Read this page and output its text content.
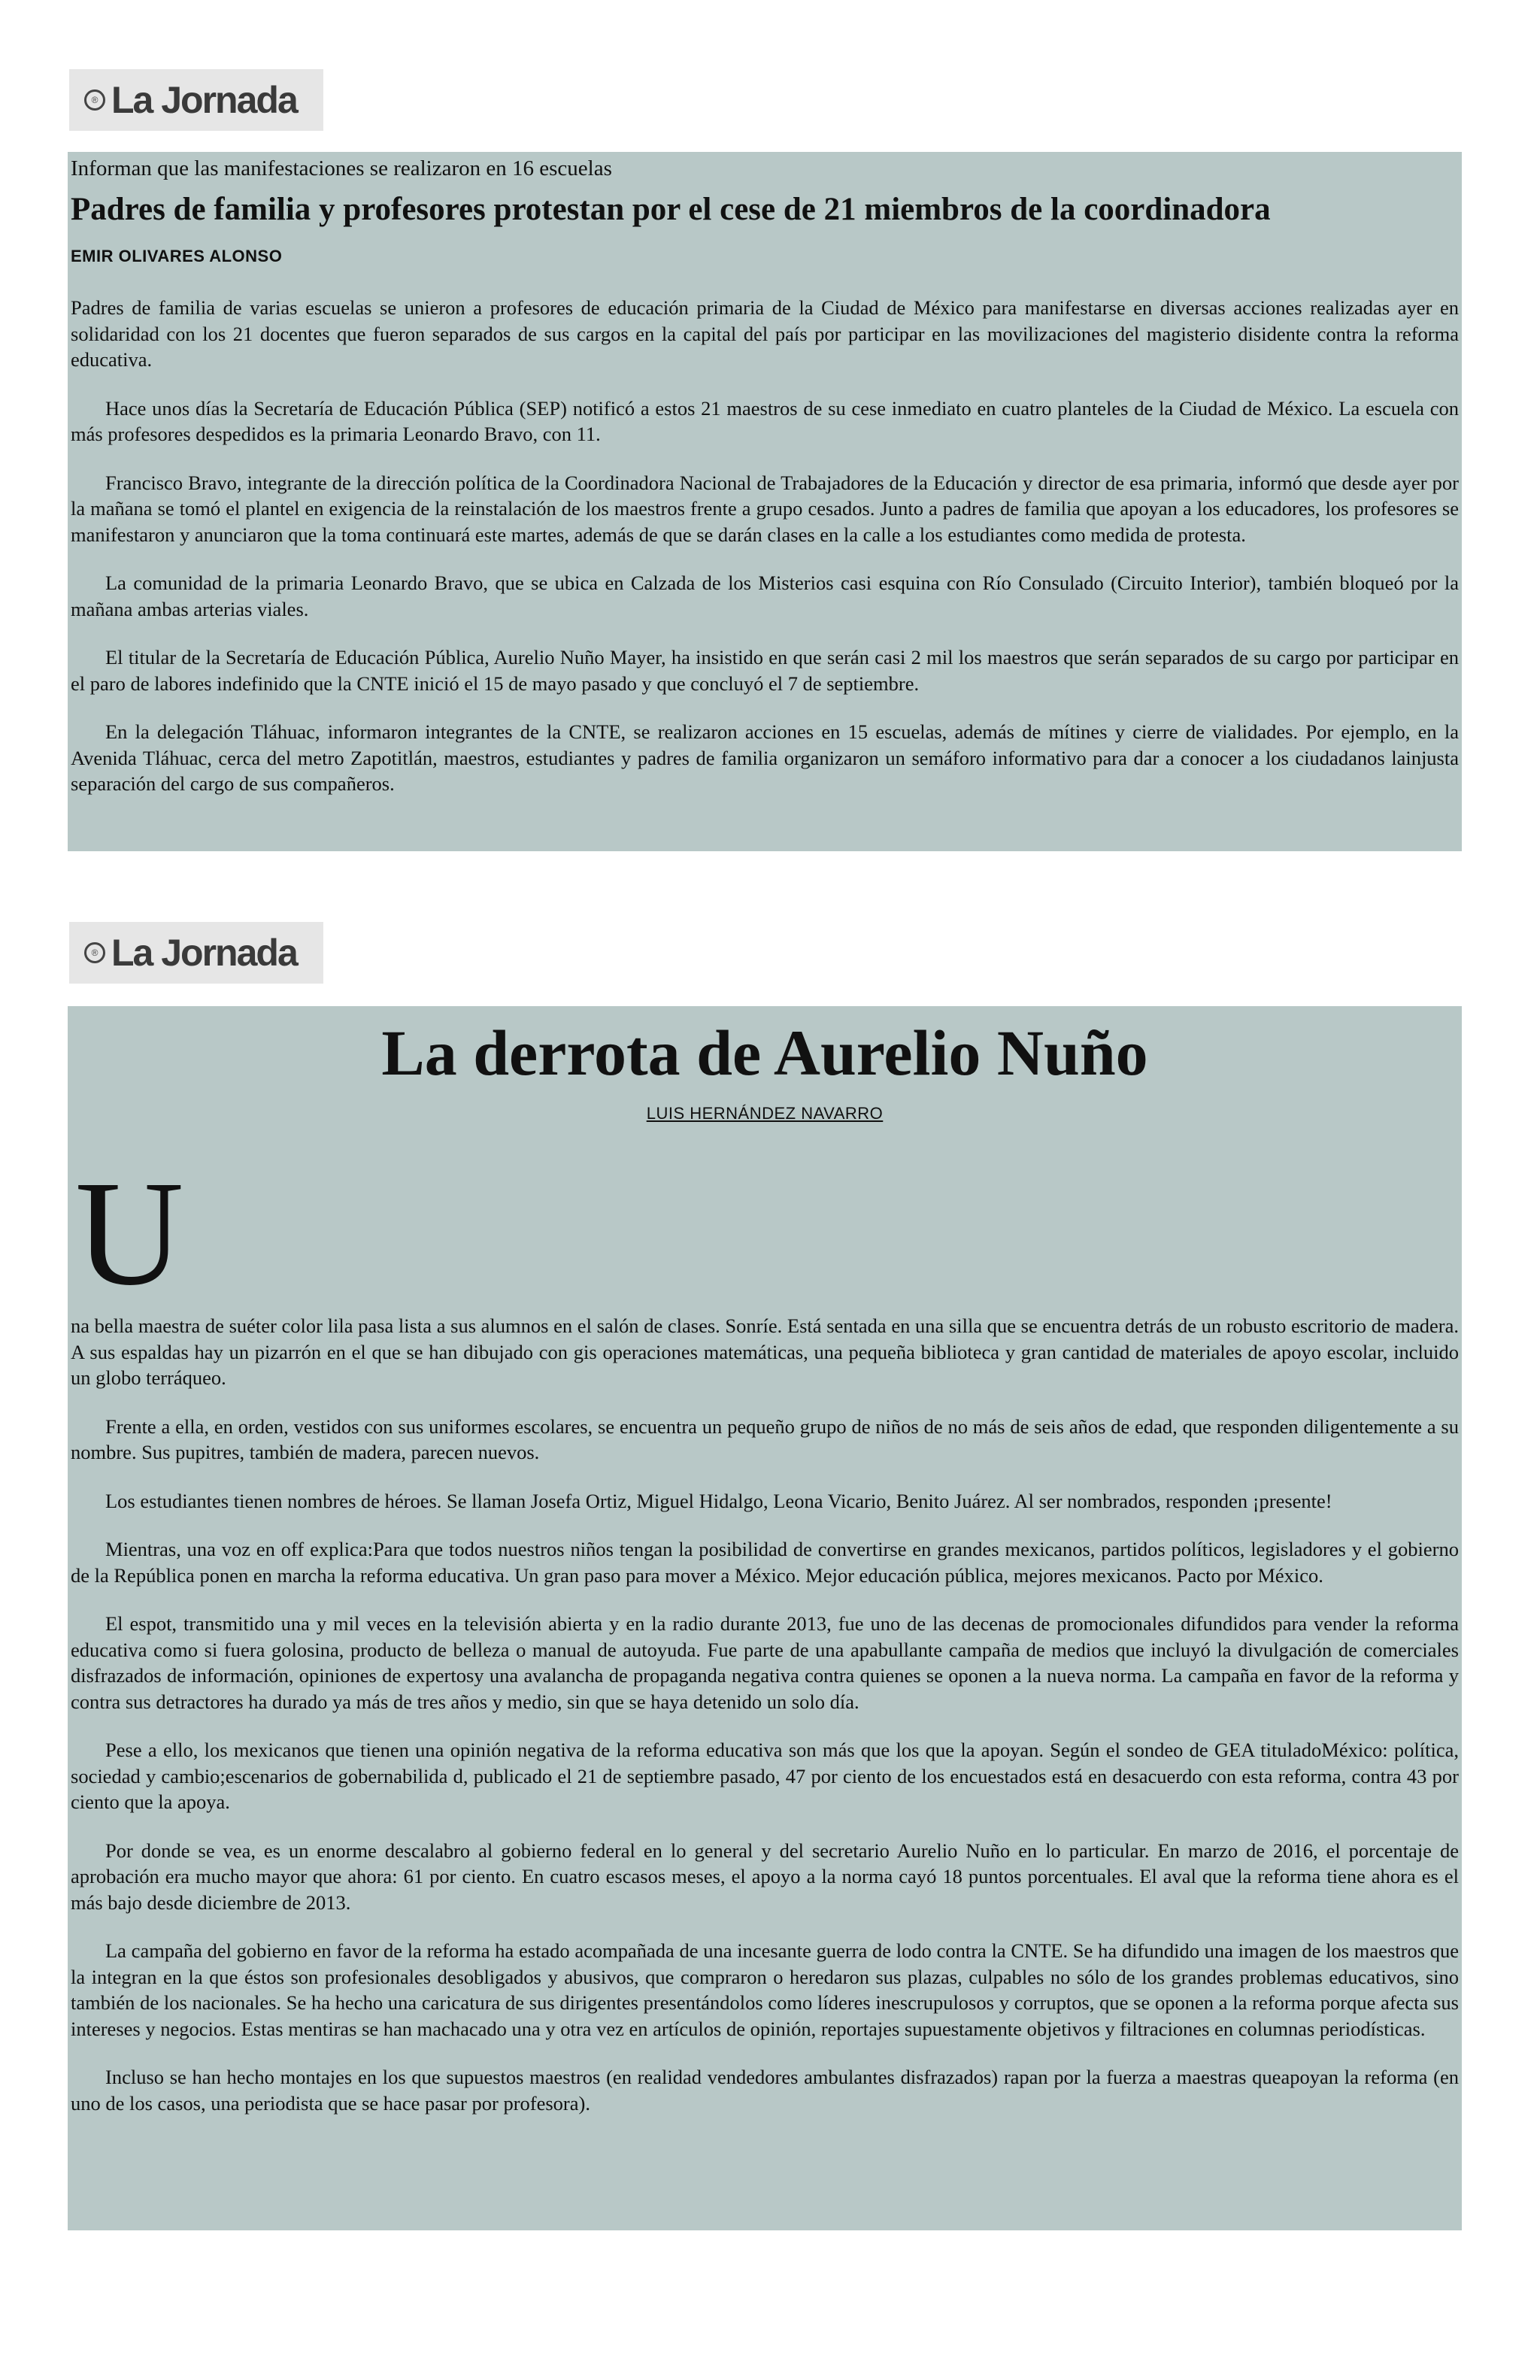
® La Jornada
Informan que las manifestaciones se realizaron en 16 escuelas
Padres de familia y profesores protestan por el cese de 21 miembros de la coordinadora
EMIR OLIVARES ALONSO

Padres de familia de varias escuelas se unieron a profesores de educación primaria de la Ciudad de México para manifestarse en diversas acciones realizadas ayer en solidaridad con los 21 docentes que fueron separados de sus cargos en la capital del país por participar en las movilizaciones del magisterio disidente contra la reforma educativa.

Hace unos días la Secretaría de Educación Pública (SEP) notificó a estos 21 maestros de su cese inmediato en cuatro planteles de la Ciudad de México. La escuela con más profesores despedidos es la primaria Leonardo Bravo, con 11.

Francisco Bravo, integrante de la dirección política de la Coordinadora Nacional de Trabajadores de la Educación y director de esa primaria, informó que desde ayer por la mañana se tomó el plantel en exigencia de la reinstalación de los maestros frente a grupo cesados. Junto a padres de familia que apoyan a los educadores, los profesores se manifestaron y anunciaron que la toma continuará este martes, además de que se darán clases en la calle a los estudiantes como medida de protesta.

La comunidad de la primaria Leonardo Bravo, que se ubica en Calzada de los Misterios casi esquina con Río Consulado (Circuito Interior), también bloqueó por la mañana ambas arterias viales.

El titular de la Secretaría de Educación Pública, Aurelio Nuño Mayer, ha insistido en que serán casi 2 mil los maestros que serán separados de su cargo por participar en el paro de labores indefinido que la CNTE inició el 15 de mayo pasado y que concluyó el 7 de septiembre.

En la delegación Tláhuac, informaron integrantes de la CNTE, se realizaron acciones en 15 escuelas, además de mítines y cierre de vialidades. Por ejemplo, en la Avenida Tláhuac, cerca del metro Zapotitlán, maestros, estudiantes y padres de familia organizaron un semáforo informativo para dar a conocer a los ciudadanos lainjusta separación del cargo de sus compañeros.

® La Jornada
La derrota de Aurelio Nuño
LUIS HERNÁNDEZ NAVARRO
U

na bella maestra de suéter color lila pasa lista a sus alumnos en el salón de clases. Sonríe. Está sentada en una silla que se encuentra detrás de un robusto escritorio de madera. A sus espaldas hay un pizarrón en el que se han dibujado con gis operaciones matemáticas, una pequeña biblioteca y gran cantidad de materiales de apoyo escolar, incluido un globo terráqueo.

Frente a ella, en orden, vestidos con sus uniformes escolares, se encuentra un pequeño grupo de niños de no más de seis años de edad, que responden diligentemente a su nombre. Sus pupitres, también de madera, parecen nuevos.

Los estudiantes tienen nombres de héroes. Se llaman Josefa Ortiz, Miguel Hidalgo, Leona Vicario, Benito Juárez. Al ser nombrados, responden ¡presente!

Mientras, una voz en off explica:Para que todos nuestros niños tengan la posibilidad de convertirse en grandes mexicanos, partidos políticos, legisladores y el gobierno de la República ponen en marcha la reforma educativa. Un gran paso para mover a México. Mejor educación pública, mejores mexicanos. Pacto por México.

El espot, transmitido una y mil veces en la televisión abierta y en la radio durante 2013, fue uno de las decenas de promocionales difundidos para vender la reforma educativa como si fuera golosina, producto de belleza o manual de autoyuda. Fue parte de una apabullante campaña de medios que incluyó la divulgación de comerciales disfrazados de información, opiniones de expertosy una avalancha de propaganda negativa contra quienes se oponen a la nueva norma. La campaña en favor de la reforma y contra sus detractores ha durado ya más de tres años y medio, sin que se haya detenido un solo día.

Pese a ello, los mexicanos que tienen una opinión negativa de la reforma educativa son más que los que la apoyan. Según el sondeo de GEA tituladoMéxico: política, sociedad y cambio;escenarios de gobernabilida d, publicado el 21 de septiembre pasado, 47 por ciento de los encuestados está en desacuerdo con esta reforma, contra 43 por ciento que la apoya.

Por donde se vea, es un enorme descalabro al gobierno federal en lo general y del secretario Aurelio Nuño en lo particular. En marzo de 2016, el porcentaje de aprobación era mucho mayor que ahora: 61 por ciento. En cuatro escasos meses, el apoyo a la norma cayó 18 puntos porcentuales. El aval que la reforma tiene ahora es el más bajo desde diciembre de 2013.

La campaña del gobierno en favor de la reforma ha estado acompañada de una incesante guerra de lodo contra la CNTE. Se ha difundido una imagen de los maestros que la integran en la que éstos son profesionales desobligados y abusivos, que compraron o heredaron sus plazas, culpables no sólo de los grandes problemas educativos, sino también de los nacionales. Se ha hecho una caricatura de sus dirigentes presentándolos como líderes inescrupulosos y corruptos, que se oponen a la reforma porque afecta sus intereses y negocios. Estas mentiras se han machacado una y otra vez en artículos de opinión, reportajes supuestamente objetivos y filtraciones en columnas periodísticas.

Incluso se han hecho montajes en los que supuestos maestros (en realidad vendedores ambulantes disfrazados) rapan por la fuerza a maestras queapoyan la reforma (en uno de los casos, una periodista que se hace pasar por profesora).
